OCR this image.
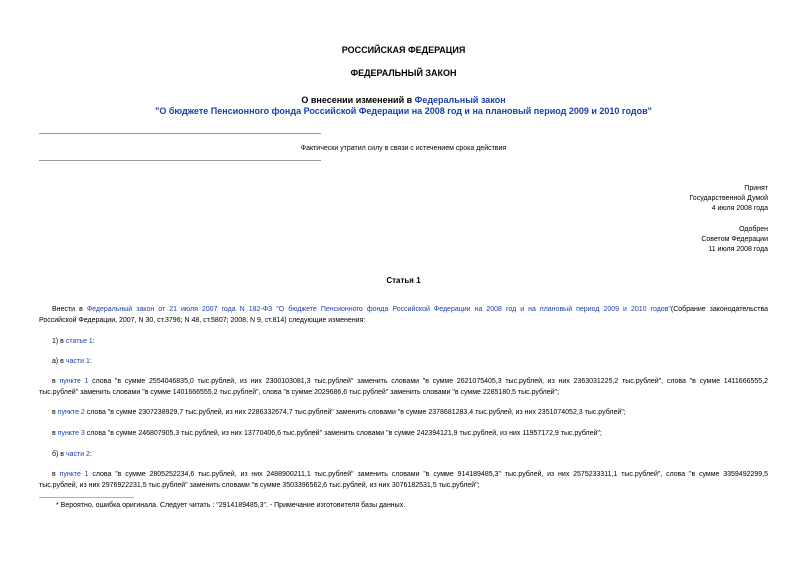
РОССИЙСКАЯ ФЕДЕРАЦИЯ
ФЕДЕРАЛЬНЫЙ ЗАКОН
О внесении изменений в Федеральный закон
"О бюджете Пенсионного фонда Российской Федерации на 2008 год и на плановый период 2009 и 2010 годов"
Фактически утратил силу в связи с истечением срока действия
Принят
Государственной Думой
4 июля 2008 года
Одобрен
Советом Федерации
11 июля 2008 года
Статья 1
Внести в Федеральный закон от 21 июля 2007 года N 182-ФЗ "О бюджете Пенсионного фонда Российской Федерации на 2008 год и на плановый период 2009 и 2010 годов"(Собрание законодательства
Российской Федерации, 2007, N 30, ст.3796; N 48, ст.5807; 2008, N 9, ст.814) следующие изменения:
1) в статье 1:
а) в части 1:
в пункте 1 слова "в сумме 2554046835,0 тыс.рублей, из них 2300103081,3 тыс.рублей" заменить словами "в сумме 2621075405,3 тыс.рублей, из них 2363031225,2 тыс.рублей", слова "в сумме 1411666555,2
тыс.рублей" заменить словами "в сумме 1401666555,2 тыс.рублей", слова "в сумме 2029686,6 тыс.рублей" заменить словами "в сумме 2285180,5 тыс.рублей";
в пункте 2 слова "в сумме 2307238929,7 тыс.рублей, из них 2286332674,7 тыс.рублей" заменить словами "в сумме 2378681283,4 тыс.рублей, из них 2351074052,3 тыс.рублей";
в пункте 3 слова "в сумме 246807905,3 тыс.рублей, из них 13770406,6 тыс.рублей" заменить словами "в сумме 242394121,9 тыс.рублей, из них 11957172,9 тыс.рублей";
б) в части 2:
в пункте 1 слова "в сумме 2805252234,6 тыс.рублей, из них 2488900211,1 тыс.рублей" заменить словами "в сумме 914189485,3" тыс.рублей, из них 2575233311,1 тыс.рублей", слова "в сумме 3359492299,5
тыс.рублей, из них 2976922231,5 тыс.рублей" заменить словами "в сумме 3503396562,6 тыс.рублей, из них 3076182531,5 тыс.рублей";
* Вероятно, ошибка оригинала. Следует читать : "2914189485,3". - Примечание изготовителя базы данных.
